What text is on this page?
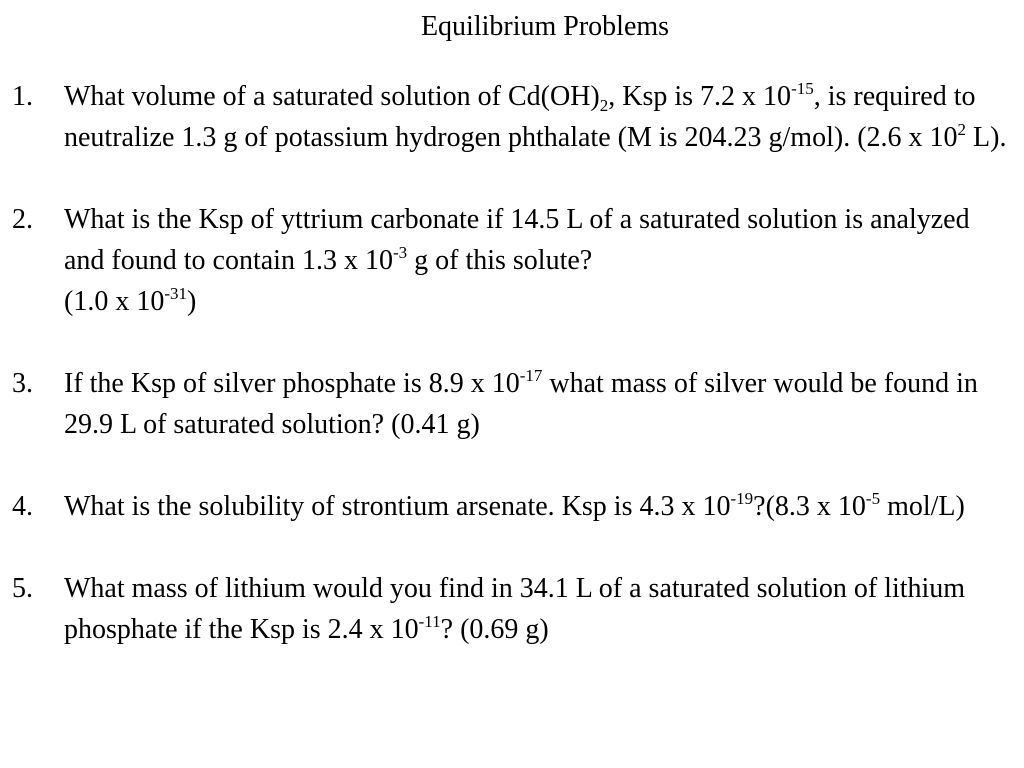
Equilibrium Problems
1. What volume of a saturated solution of $Cd(OH)_2$, Ksp is 7.2 x $10^{-15}$, is required to neutralize 1.3 g of potassium hydrogen phthalate (M is 204.23 g/mol). (2.6 x $10^2$ L).
2. What is the Ksp of yttrium carbonate if 14.5 L of a saturated solution is analyzed and found to contain 1.3 x $10^{-3}$ g of this solute?
(1.0 x $10^{-31}$)
3. If the Ksp of silver phosphate is 8.9 x $10^{-17}$ what mass of silver would be found in 29.9 L of saturated solution? (0.41 g)
4. What is the solubility of strontium arsenate. Ksp is 4.3 x $10^{-19}?(8.3$ x $10^{-5}$ mol/L)
5. What mass of lithium would you find in 34.1 L of a saturated solution of lithium phosphate if the Ksp is 2.4 x $10^{-11}$? (0.69 g)
